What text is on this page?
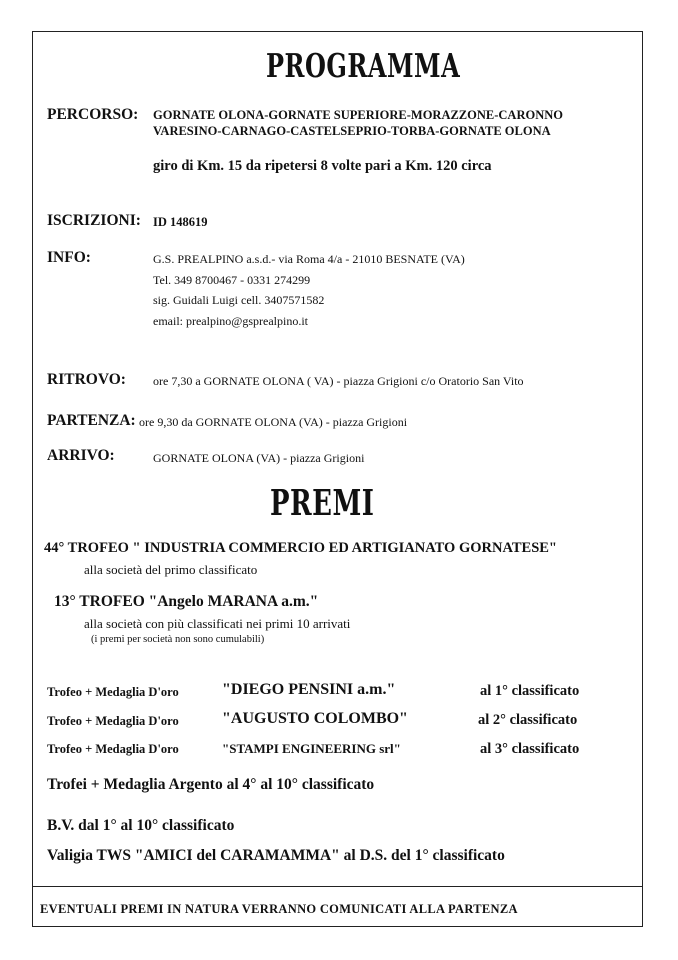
PROGRAMMA
PERCORSO: GORNATE OLONA-GORNATE SUPERIORE-MORAZZONE-CARONNO
VARESINO-CARNAGO-CASTELSEPRIO-TORBA-GORNATE OLONA
giro di Km. 15 da ripetersi 8 volte pari a Km. 120 circa
ISCRIZIONI: ID 148619
INFO:	G.S. PREALPINO a.s.d.- via Roma 4/a - 21010 BESNATE (VA)
Tel. 349 8700467 - 0331 274299
sig. Guidali Luigi cell. 3407571582
email: prealpino@gsprealpino.it
RITROVO: ore 7,30 a GORNATE OLONA ( VA) - piazza Grigioni c/o Oratorio San Vito
PARTENZA: ore 9,30 da GORNATE OLONA (VA) - piazza Grigioni
ARRIVO:	GORNATE OLONA (VA) - piazza Grigioni
PREMI
44° TROFEO " INDUSTRIA COMMERCIO ED ARTIGIANATO GORNATESE"
alla società del primo classificato
13° TROFEO "Angelo MARANA a.m."
alla società con più classificati nei primi 10 arrivati
(i premi per società non sono cumulabili)
Trofeo + Medaglia D'oro	"DIEGO PENSINI a.m."	al 1° classificato
Trofeo + Medaglia D'oro	"AUGUSTO COLOMBO"	al 2° classificato
Trofeo + Medaglia D'oro	"STAMPI ENGINEERING srl"	al 3° classificato
Trofei + Medaglia Argento al 4° al 10° classificato
B.V. dal 1° al 10° classificato
Valigia TWS "AMICI del CARAMAMMA" al D.S. del 1° classificato
EVENTUALI PREMI IN NATURA VERRANNO COMUNICATI ALLA PARTENZA
